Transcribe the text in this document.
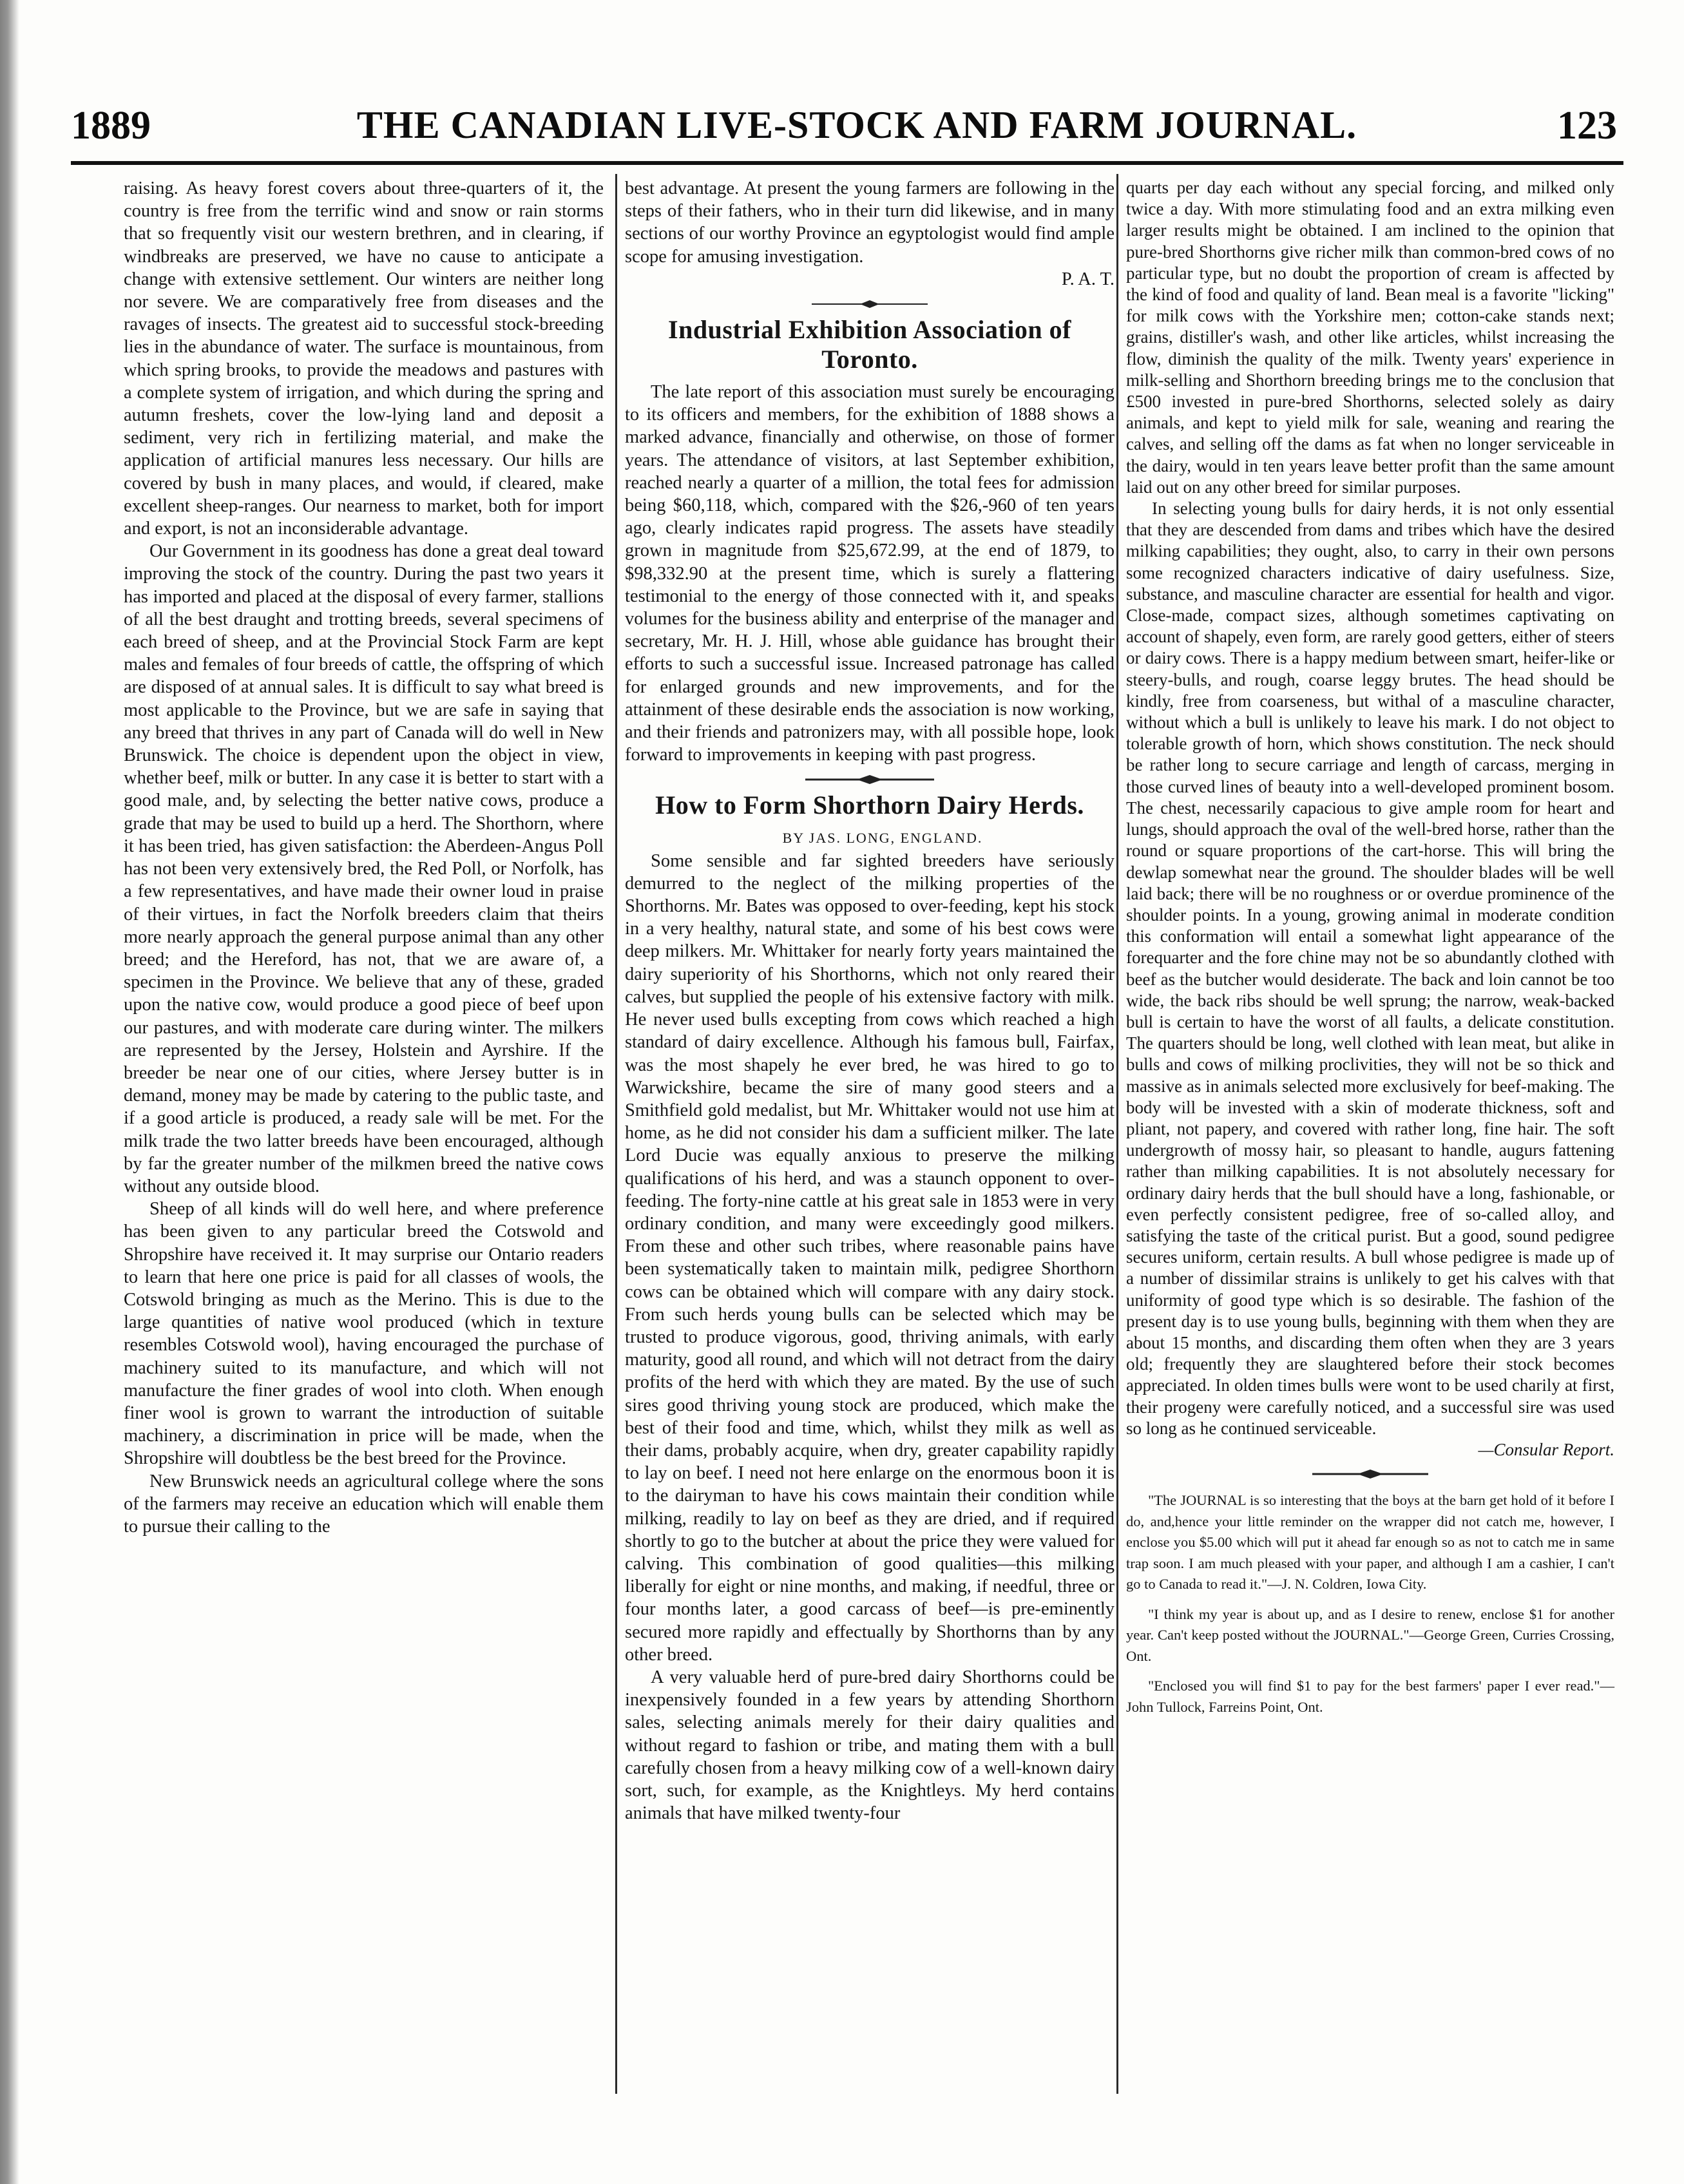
1889	THE CANADIAN LIVE-STOCK AND FARM JOURNAL.	123

raising. As heavy forest covers about three-quarters of it, the country is free from the terrific wind and snow or rain storms that so frequently visit our western brethren, and in clearing, if windbreaks are preserved, we have no cause to anticipate a change with extensive settlement. Our winters are neither long nor severe. We are comparatively free from diseases and the ravages of insects. The greatest aid to successful stock-breeding lies in the abundance of water. The surface is mountainous, from which spring brooks, to provide the meadows and pastures with a complete system of irrigation, and which during the spring and autumn freshets, cover the low-lying land and deposit a sediment, very rich in fertilizing material, and make the application of artificial manures less necessary. Our hills are covered by bush in many places, and would, if cleared, make excellent sheep-ranges. Our nearness to market, both for import and export, is not an inconsiderable advantage.

Our Government in its goodness has done a great deal toward improving the stock of the country. During the past two years it has imported and placed at the disposal of every farmer, stallions of all the best draught and trotting breeds, several specimens of each breed of sheep, and at the Provincial Stock Farm are kept males and females of four breeds of cattle, the offspring of which are disposed of at annual sales. It is difficult to say what breed is most applicable to the Province, but we are safe in saying that any breed that thrives in any part of Canada will do well in New Brunswick. The choice is dependent upon the object in view, whether beef, milk or butter. In any case it is better to start with a good male, and, by selecting the better native cows, produce a grade that may be used to build up a herd. The Shorthorn, where it has been tried, has given satisfaction: the Aberdeen-Angus Poll has not been very extensively bred, the Red Poll, or Norfolk, has a few representatives, and have made their owner loud in praise of their virtues, in fact the Norfolk breeders claim that theirs more nearly approach the general purpose animal than any other breed; and the Hereford, has not, that we are aware of, a specimen in the Province. We believe that any of these, graded upon the native cow, would produce a good piece of beef upon our pastures, and with moderate care during winter. The milkers are represented by the Jersey, Holstein and Ayrshire. If the breeder be near one of our cities, where Jersey butter is in demand, money may be made by catering to the public taste, and if a good article is produced, a ready sale will be met. For the milk trade the two latter breeds have been encouraged, although by far the greater number of the milkmen breed the native cows without any outside blood.

Sheep of all kinds will do well here, and where preference has been given to any particular breed the Cotswold and Shropshire have received it. It may surprise our Ontario readers to learn that here one price is paid for all classes of wools, the Cotswold bringing as much as the Merino. This is due to the large quantities of native wool produced (which in texture resembles Cotswold wool), having encouraged the purchase of machinery suited to its manufacture, and which will not manufacture the finer grades of wool into cloth. When enough finer wool is grown to warrant the introduction of suitable machinery, a discrimination in price will be made, when the Shropshire will doubtless be the best breed for the Province.

New Brunswick needs an agricultural college where the sons of the farmers may receive an education which will enable them to pursue their calling to the

best advantage. At present the young farmers are following in the steps of their fathers, who in their turn did likewise, and in many sections of our worthy Province an egyptologist would find ample scope for amusing investigation.

P. A. T.

Industrial Exhibition Association of Toronto.

The late report of this association must surely be encouraging to its officers and members, for the exhibition of 1888 shows a marked advance, financially and otherwise, on those of former years. The attendance of visitors, at last September exhibition, reached nearly a quarter of a million, the total fees for admission being $60,118, which, compared with the $26,-960 of ten years ago, clearly indicates rapid progress. The assets have steadily grown in magnitude from $25,672.99, at the end of 1879, to $98,332.90 at the present time, which is surely a flattering testimonial to the energy of those connected with it, and speaks volumes for the business ability and enterprise of the manager and secretary, Mr. H. J. Hill, whose able guidance has brought their efforts to such a successful issue. Increased patronage has called for enlarged grounds and new improvements, and for the attainment of these desirable ends the association is now working, and their friends and patronizers may, with all possible hope, look forward to improvements in keeping with past progress.

How to Form Shorthorn Dairy Herds.

BY JAS. LONG, ENGLAND.

Some sensible and far sighted breeders have seriously demurred to the neglect of the milking properties of the Shorthorns. Mr. Bates was opposed to over-feeding, kept his stock in a very healthy, natural state, and some of his best cows were deep milkers. Mr. Whittaker for nearly forty years maintained the dairy superiority of his Shorthorns, which not only reared their calves, but supplied the people of his extensive factory with milk. He never used bulls excepting from cows which reached a high standard of dairy excellence. Although his famous bull, Fairfax, was the most shapely he ever bred, he was hired to go to Warwickshire, became the sire of many good steers and a Smithfield gold medalist, but Mr. Whittaker would not use him at home, as he did not consider his dam a sufficient milker. The late Lord Ducie was equally anxious to preserve the milking qualifications of his herd, and was a staunch opponent to over-feeding. The forty-nine cattle at his great sale in 1853 were in very ordinary condition, and many were exceedingly good milkers. From these and other such tribes, where reasonable pains have been systematically taken to maintain milk, pedigree Shorthorn cows can be obtained which will compare with any dairy stock. From such herds young bulls can be selected which may be trusted to produce vigorous, good, thriving animals, with early maturity, good all round, and which will not detract from the dairy profits of the herd with which they are mated. By the use of such sires good thriving young stock are produced, which make the best of their food and time, which, whilst they milk as well as their dams, probably acquire, when dry, greater capability rapidly to lay on beef. I need not here enlarge on the enormous boon it is to the dairyman to have his cows maintain their condition while milking, readily to lay on beef as they are dried, and if required shortly to go to the butcher at about the price they were valued for calving. This combination of good qualities—this milking liberally for eight or nine months, and making, if needful, three or four months later, a good carcass of beef—is pre-eminently secured more rapidly and effectually by Shorthorns than by any other breed.

A very valuable herd of pure-bred dairy Shorthorns could be inexpensively founded in a few years by attending Shorthorn sales, selecting animals merely for their dairy qualities and without regard to fashion or tribe, and mating them with a bull carefully chosen from a heavy milking cow of a well-known dairy sort, such, for example, as the Knightleys. My herd contains animals that have milked twenty-four

quarts per day each without any special forcing, and milked only twice a day. With more stimulating food and an extra milking even larger results might be obtained. I am inclined to the opinion that pure-bred Shorthorns give richer milk than common-bred cows of no particular type, but no doubt the proportion of cream is affected by the kind of food and quality of land. Bean meal is a favorite "licking" for milk cows with the Yorkshire men; cotton-cake stands next; grains, distiller's wash, and other like articles, whilst increasing the flow, diminish the quality of the milk. Twenty years' experience in milk-selling and Shorthorn breeding brings me to the conclusion that £500 invested in pure-bred Shorthorns, selected solely as dairy animals, and kept to yield milk for sale, weaning and rearing the calves, and selling off the dams as fat when no longer serviceable in the dairy, would in ten years leave better profit than the same amount laid out on any other breed for similar purposes.

In selecting young bulls for dairy herds, it is not only essential that they are descended from dams and tribes which have the desired milking capabilities; they ought, also, to carry in their own persons some recognized characters indicative of dairy usefulness. Size, substance, and masculine character are essential for health and vigor. Close-made, compact sizes, although sometimes captivating on account of shapely, even form, are rarely good getters, either of steers or dairy cows. There is a happy medium between smart, heifer-like or steery-bulls, and rough, coarse leggy brutes. The head should be kindly, free from coarseness, but withal of a masculine character, without which a bull is unlikely to leave his mark. I do not object to tolerable growth of horn, which shows constitution. The neck should be rather long to secure carriage and length of carcass, merging in those curved lines of beauty into a well-developed prominent bosom. The chest, necessarily capacious to give ample room for heart and lungs, should approach the oval of the well-bred horse, rather than the round or square proportions of the cart-horse. This will bring the dewlap somewhat near the ground. The shoulder blades will be well laid back; there will be no roughness or or overdue prominence of the shoulder points. In a young, growing animal in moderate condition this conformation will entail a somewhat light appearance of the forequarter and the fore chine may not be so abundantly clothed with beef as the butcher would desiderate. The back and loin cannot be too wide, the back ribs should be well sprung; the narrow, weak-backed bull is certain to have the worst of all faults, a delicate constitution. The quarters should be long, well clothed with lean meat, but alike in bulls and cows of milking proclivities, they will not be so thick and massive as in animals selected more exclusively for beef-making. The body will be invested with a skin of moderate thickness, soft and pliant, not papery, and covered with rather long, fine hair. The soft undergrowth of mossy hair, so pleasant to handle, augurs fattening rather than milking capabilities. It is not absolutely necessary for ordinary dairy herds that the bull should have a long, fashionable, or even perfectly consistent pedigree, free of so-called alloy, and satisfying the taste of the critical purist. But a good, sound pedigree secures uniform, certain results. A bull whose pedigree is made up of a number of dissimilar strains is unlikely to get his calves with that uniformity of good type which is so desirable. The fashion of the present day is to use young bulls, beginning with them when they are about 15 months, and discarding them often when they are 3 years old; frequently they are slaughtered before their stock becomes appreciated. In olden times bulls were wont to be used charily at first, their progeny were carefully noticed, and a successful sire was used so long as he continued serviceable.

—Consular Report.

"The JOURNAL is so interesting that the boys at the barn get hold of it before I do, and,hence your little reminder on the wrapper did not catch me, however, I enclose you $5.00 which will put it ahead far enough so as not to catch me in same trap soon. I am much pleased with your paper, and although I am a cashier, I can't go to Canada to read it."—J. N. Coldren, Iowa City.

"I think my year is about up, and as I desire to renew, enclose $1 for another year. Can't keep posted without the JOURNAL."—George Green, Curries Crossing, Ont.

"Enclosed you will find $1 to pay for the best farmers' paper I ever read."—John Tullock, Farreins Point, Ont.
